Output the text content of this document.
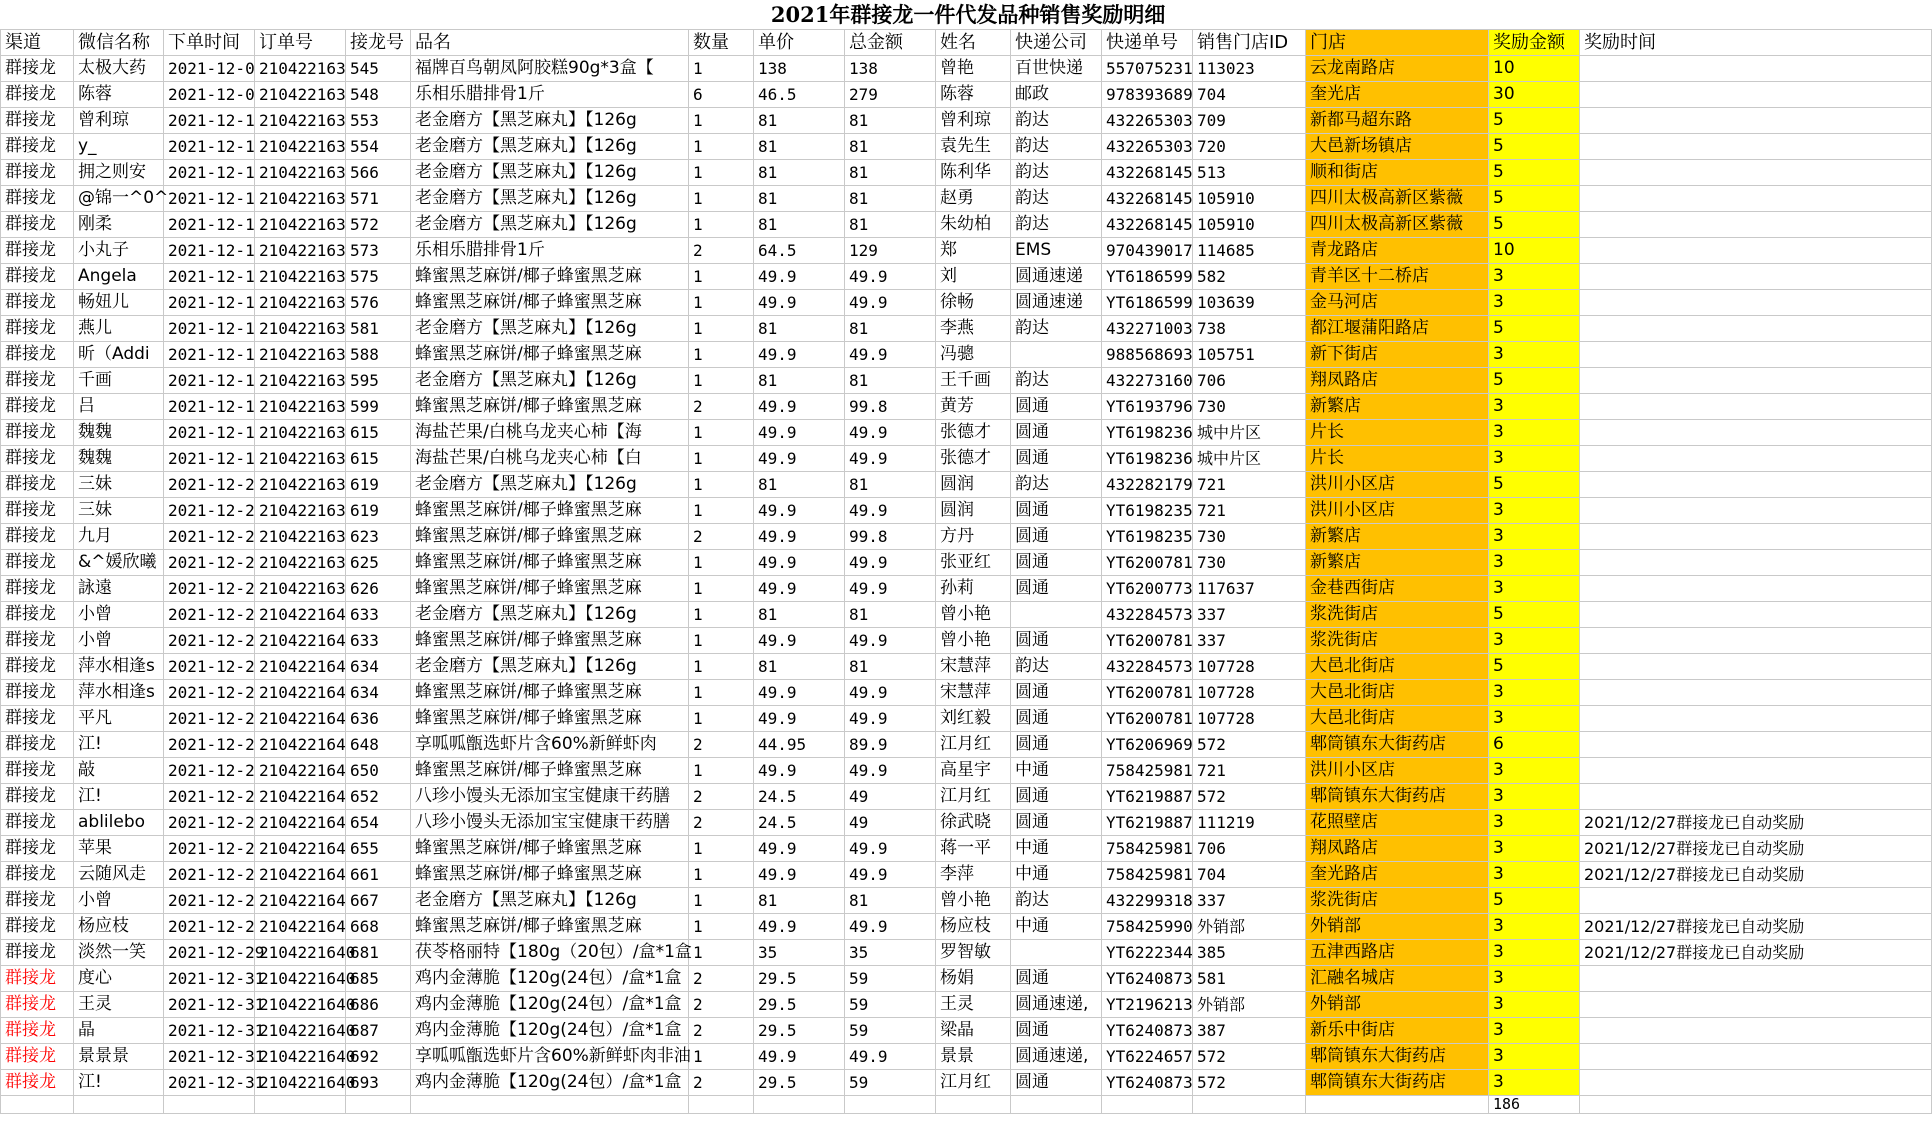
2021年群接龙一件代发品种销售奖励明细															
渠道	微信名称	下单时间	订单号	接龙号	品名	数量	单价	总金额	姓名	快递公司	快递单号	销售门店ID	门店	奖励金额	奖励时间
群接龙	太极大药	2021-12-0	210422163	545	福牌百鸟朝凤阿胶糕90g*3盒【	1	138	138	曾艳	百世快递	557075231	113023	云龙南路店	10	
群接龙	陈蓉	2021-12-0	210422163	548	乐相乐腊排骨1斤	6	46.5	279	陈蓉	邮政	978393689	704	奎光店	30	
群接龙	曾利琼	2021-12-1	210422163	553	老金磨方【黑芝麻丸】【126g	1	81	81	曾利琼	韵达	432265303	709	新都马超东路	5	
群接龙	y_	2021-12-1	210422163	554	老金磨方【黑芝麻丸】【126g	1	81	81	袁先生	韵达	432265303	720	大邑新场镇店	5	
群接龙	拥之则安	2021-12-1	210422163	566	老金磨方【黑芝麻丸】【126g	1	81	81	陈利华	韵达	432268145	513	顺和街店	5	
群接龙	@锦一^0^	2021-12-1	210422163	571	老金磨方【黑芝麻丸】【126g	1	81	81	赵勇	韵达	432268145	105910	四川太极高新区紫薇	5	
群接龙	刚柔	2021-12-1	210422163	572	老金磨方【黑芝麻丸】【126g	1	81	81	朱幼柏	韵达	432268145	105910	四川太极高新区紫薇	5	
群接龙	小丸子	2021-12-1	210422163	573	乐相乐腊排骨1斤	2	64.5	129	郑	EMS	970439017	114685	青龙路店	10	
群接龙	Angela	2021-12-1	210422163	575	蜂蜜黑芝麻饼/椰子蜂蜜黑芝麻	1	49.9	49.9	刘	圆通速递	YT6186599	582	青羊区十二桥店	3	
群接龙	畅妞儿	2021-12-1	210422163	576	蜂蜜黑芝麻饼/椰子蜂蜜黑芝麻	1	49.9	49.9	徐畅	圆通速递	YT6186599	103639	金马河店	3	
群接龙	燕儿	2021-12-1	210422163	581	老金磨方【黑芝麻丸】【126g	1	81	81	李燕	韵达	432271003	738	都江堰蒲阳路店	5	
群接龙	昕（Addi	2021-12-1	210422163	588	蜂蜜黑芝麻饼/椰子蜂蜜黑芝麻	1	49.9	49.9	冯骢		988568693	105751	新下街店	3	
群接龙	千画	2021-12-1	210422163	595	老金磨方【黑芝麻丸】【126g	1	81	81	王千画	韵达	432273160	706	翔凤路店	5	
群接龙	吕	2021-12-1	210422163	599	蜂蜜黑芝麻饼/椰子蜂蜜黑芝麻	2	49.9	99.8	黄芳	圆通	YT6193796	730	新繁店	3	
群接龙	魏魏	2021-12-1	210422163	615	海盐芒果/白桃乌龙夹心柿【海	1	49.9	49.9	张德才	圆通	YT6198236	城中片区	片长	3	
群接龙	魏魏	2021-12-1	210422163	615	海盐芒果/白桃乌龙夹心柿【白	1	49.9	49.9	张德才	圆通	YT6198236	城中片区	片长	3	
群接龙	三妹	2021-12-2	210422163	619	老金磨方【黑芝麻丸】【126g	1	81	81	圆润	韵达	432282179	721	洪川小区店	5	
群接龙	三妹	2021-12-2	210422163	619	蜂蜜黑芝麻饼/椰子蜂蜜黑芝麻	1	49.9	49.9	圆润	圆通	YT6198235	721	洪川小区店	3	
群接龙	九月	2021-12-2	210422163	623	蜂蜜黑芝麻饼/椰子蜂蜜黑芝麻	2	49.9	99.8	方丹	圆通	YT6198235	730	新繁店	3	
群接龙	&^媛欣曦	2021-12-2	210422163	625	蜂蜜黑芝麻饼/椰子蜂蜜黑芝麻	1	49.9	49.9	张亚红	圆通	YT6200781	730	新繁店	3	
群接龙	詠遠	2021-12-2	210422163	626	蜂蜜黑芝麻饼/椰子蜂蜜黑芝麻	1	49.9	49.9	孙莉	圆通	YT6200773	117637	金巷西街店	3	
群接龙	小曾	2021-12-2	210422164	633	老金磨方【黑芝麻丸】【126g	1	81	81	曾小艳		432284573	337	浆洗街店	5	
群接龙	小曾	2021-12-2	210422164	633	蜂蜜黑芝麻饼/椰子蜂蜜黑芝麻	1	49.9	49.9	曾小艳	圆通	YT6200781	337	浆洗街店	3	
群接龙	萍水相逢s	2021-12-2	210422164	634	老金磨方【黑芝麻丸】【126g	1	81	81	宋慧萍	韵达	432284573	107728	大邑北街店	5	
群接龙	萍水相逢s	2021-12-2	210422164	634	蜂蜜黑芝麻饼/椰子蜂蜜黑芝麻	1	49.9	49.9	宋慧萍	圆通	YT6200781	107728	大邑北街店	3	
群接龙	平凡	2021-12-2	210422164	636	蜂蜜黑芝麻饼/椰子蜂蜜黑芝麻	1	49.9	49.9	刘红毅	圆通	YT6200781	107728	大邑北街店	3	
群接龙	江!	2021-12-2	210422164	648	享呱呱甑选虾片含60%新鲜虾肉	2	44.95	89.9	江月红	圆通	YT6206969	572	郫筒镇东大街药店	6	
群接龙	敲	2021-12-2	210422164	650	蜂蜜黑芝麻饼/椰子蜂蜜黑芝麻	1	49.9	49.9	高星宇	中通	758425981	721	洪川小区店	3	
群接龙	江!	2021-12-2	210422164	652	八珍小馒头无添加宝宝健康干药膳	2	24.5	49	江月红	圆通	YT6219887	572	郫筒镇东大街药店	3	
群接龙	ablilebo	2021-12-2	210422164	654	八珍小馒头无添加宝宝健康干药膳	2	24.5	49	徐武晓	圆通	YT6219887	111219	花照壁店	3	2021/12/27群接龙已自动奖励
群接龙	苹果	2021-12-2	210422164	655	蜂蜜黑芝麻饼/椰子蜂蜜黑芝麻	1	49.9	49.9	蒋一平	中通	758425981	706	翔凤路店	3	2021/12/27群接龙已自动奖励
群接龙	云随风走	2021-12-2	210422164	661	蜂蜜黑芝麻饼/椰子蜂蜜黑芝麻	1	49.9	49.9	李萍	中通	758425981	704	奎光路店	3	2021/12/27群接龙已自动奖励
群接龙	小曾	2021-12-2	210422164	667	老金磨方【黑芝麻丸】【126g	1	81	81	曾小艳	韵达	432299318	337	浆洗街店	5	
群接龙	杨应枝	2021-12-2	210422164	668	蜂蜜黑芝麻饼/椰子蜂蜜黑芝麻	1	49.9	49.9	杨应枝	中通	758425990	外销部	外销部	3	2021/12/27群接龙已自动奖励
群接龙	淡然一笑	2021-12-29	2104221640	681	茯苓格丽特【180g（20包）/盒*1盒	1	35	35	罗智敏		YT6222344	385	五津西路店	3	2021/12/27群接龙已自动奖励
群接龙	度心	2021-12-31	2104221640	685	鸡内金薄脆【120g(24包）/盒*1盒	2	29.5	59	杨娟	圆通	YT6240873	581	汇融名城店	3	
群接龙	王灵	2021-12-31	2104221640	686	鸡内金薄脆【120g(24包）/盒*1盒	2	29.5	59	王灵	圆通速递,	YT2196213	外销部	外销部	3	
群接龙	晶	2021-12-31	2104221640	687	鸡内金薄脆【120g(24包）/盒*1盒	2	29.5	59	梁晶	圆通	YT6240873	387	新乐中街店	3	
群接龙	景景景	2021-12-31	2104221640	692	享呱呱甑选虾片含60%新鲜虾肉非油	1	49.9	49.9	景景	圆通速递,	YT6224657	572	郫筒镇东大街药店	3	
群接龙	江!	2021-12-31	2104221640	693	鸡内金薄脆【120g(24包）/盒*1盒	2	29.5	59	江月红	圆通	YT6240873	572	郫筒镇东大街药店	3	
														186	
